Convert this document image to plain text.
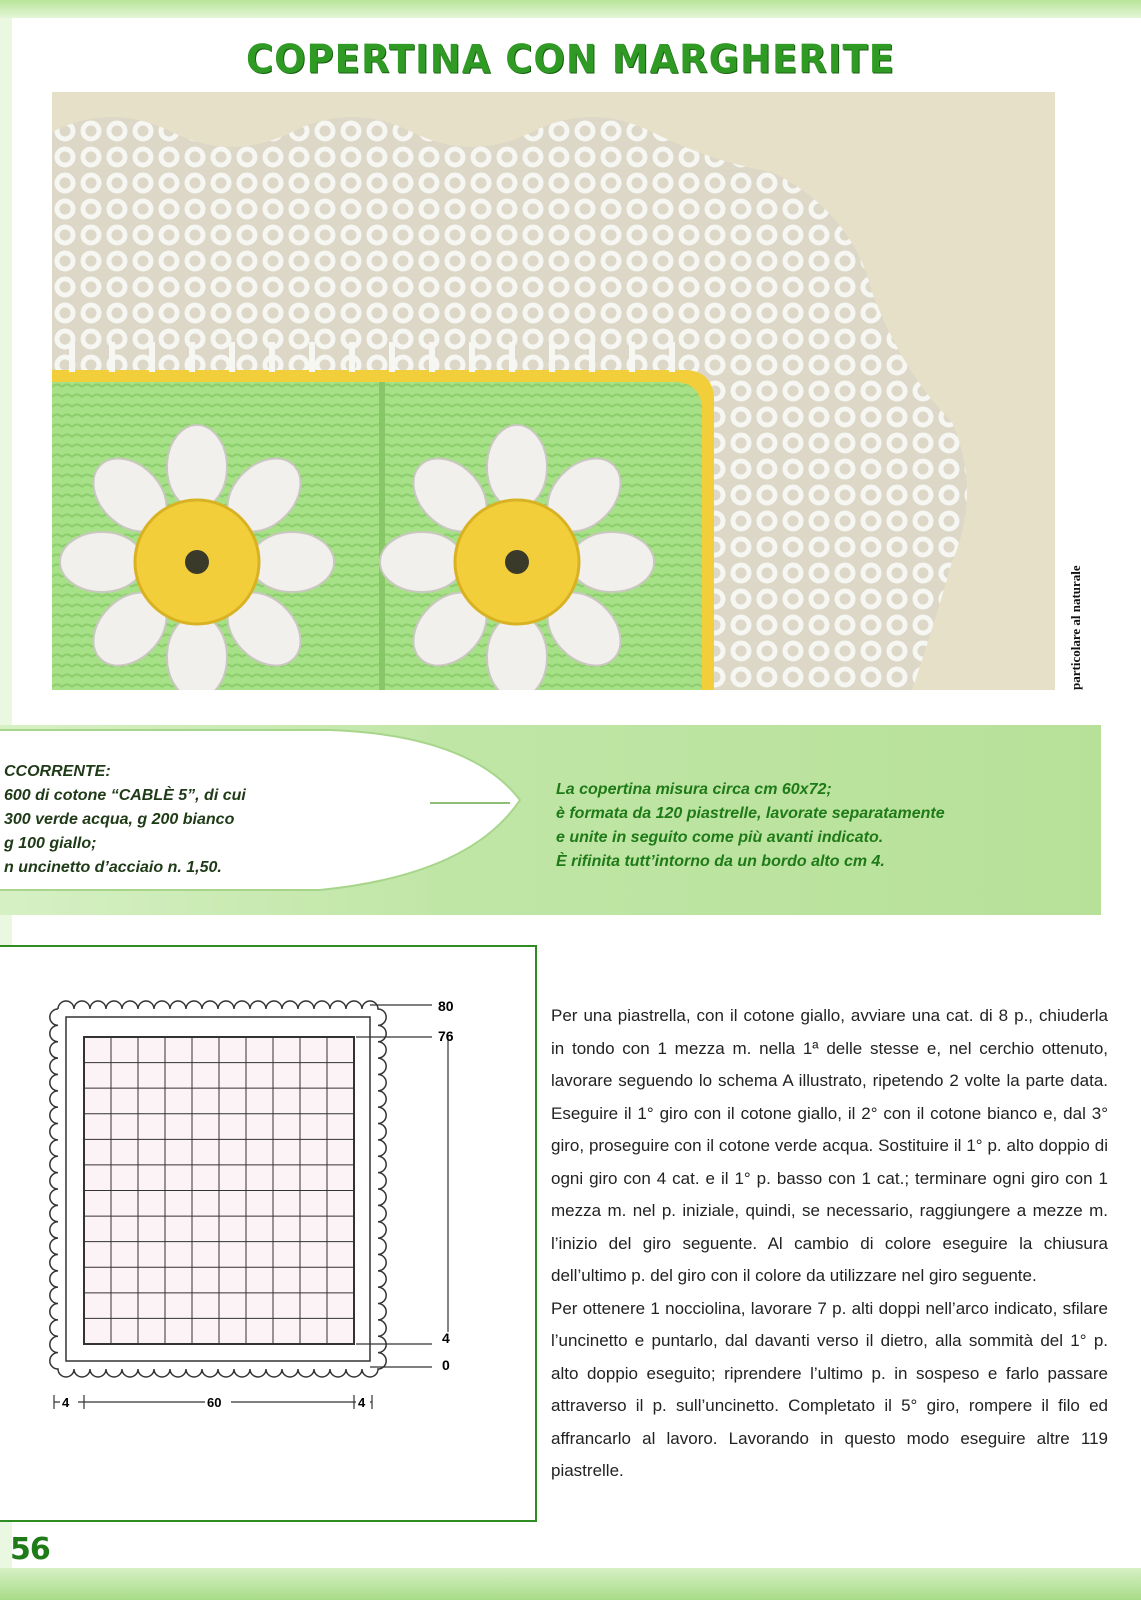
COPERTINA CON MARGHERITE
particolare al naturale
CCORRENTE:
600 di cotone “CABLÈ 5”, di cui
300 verde acqua, g 200 bianco
g 100 giallo;
n uncinetto d’acciaio n. 1,50.
La copertina misura circa cm 60x72;
è formata da 120 piastrelle, lavorate separatamente
e unite in seguito come più avanti indicato.
È rifinita tutt’intorno da un bordo alto cm 4.
80
76
4
0
4	60	4

Per una piastrella, con il cotone giallo, avviare una cat. di 8 p., chiuderla in tondo con 1 mezza m. nella 1ª delle stesse e, nel cerchio ottenuto, lavorare seguendo lo schema A illustrato, ripetendo 2 volte la parte data. Eseguire il 1° giro con il cotone giallo, il 2° con il cotone bianco e, dal 3° giro, proseguire con il cotone verde acqua. Sostituire il 1° p. alto doppio di ogni giro con 4 cat. e il 1° p. basso con 1 cat.; terminare ogni giro con 1 mezza m. nel p. iniziale, quindi, se necessario, raggiungere a mezze m. l’inizio del giro seguente. Al cambio di colore eseguire la chiusura dell’ultimo p. del giro con il colore da utilizzare nel giro seguente.

Per ottenere 1 nocciolina, lavorare 7 p. alti doppi nell’arco indicato, sfilare l’uncinetto e puntarlo, dal davanti verso il dietro, alla sommità del 1° p. alto doppio eseguito; riprendere l’ultimo p. in sospeso e farlo passare attraverso il p. sull’uncinetto. Completato il 5° giro, rompere il filo ed affrancarlo al lavoro. Lavorando in questo modo eseguire altre 119 piastrelle.

56
